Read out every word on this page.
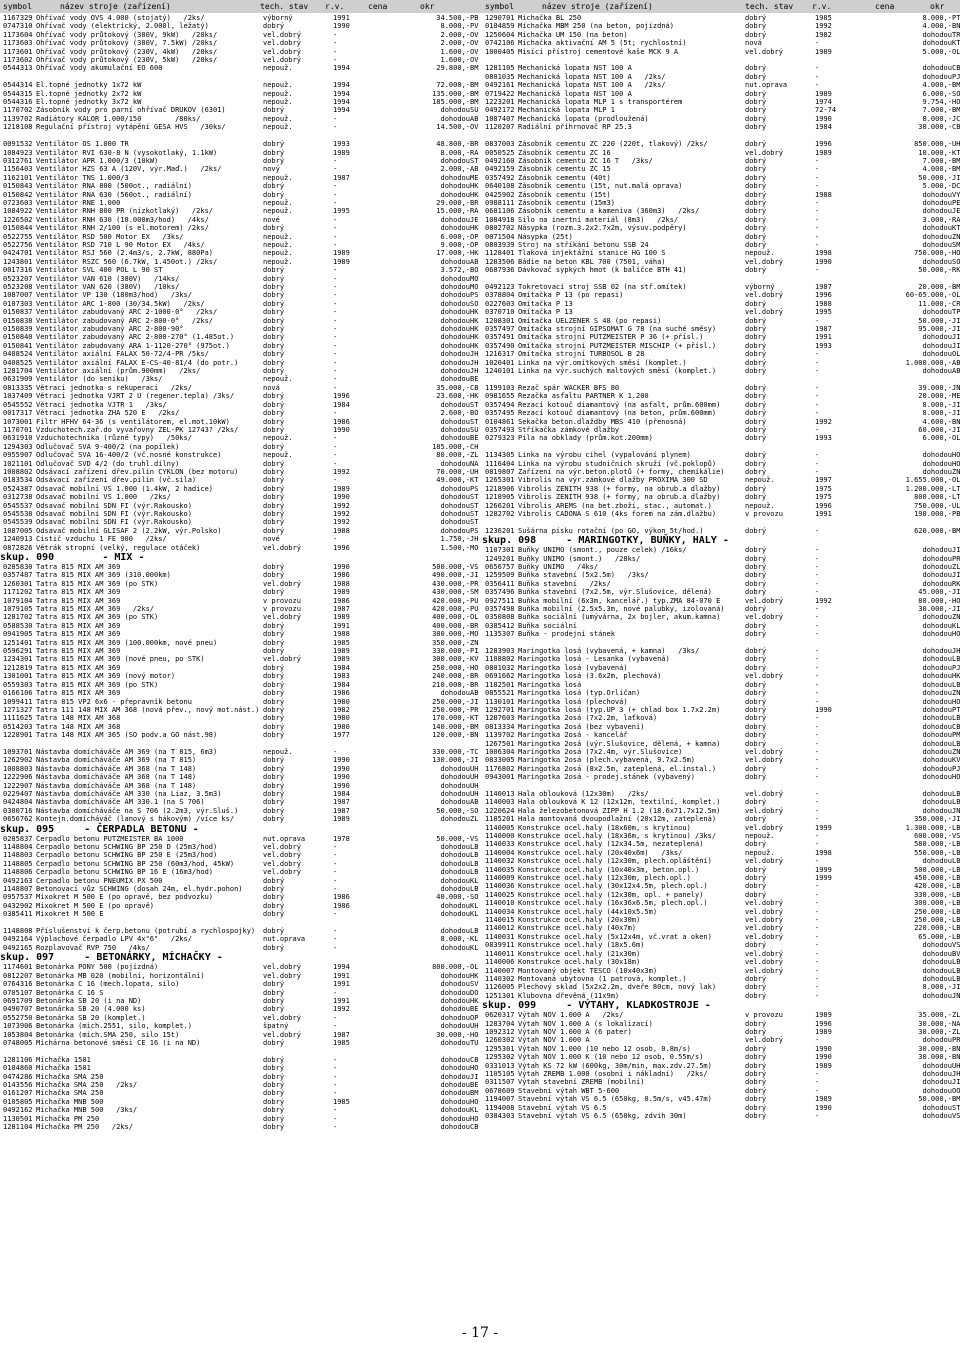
symbol	název stroje (zařízení)	tech. stav r.v.	cena	okr	symbol	název stroje (zařízení)	tech. stav r.v.	cena	okr
1167329 Ohřívač vody OVS 4.000 (stojatý)   /2ks/	výborný	1991	34.500,- PB
0747310 Ohřívač vody (elektrický, 2.000l, ležatý)	dobrý	1990	8.000,- PV
1173604 Ohřívač vody průtokový (380V, 9kW)   /20ks/	vel.dobrý	-	2.000,- OV
1173603 Ohřívač vody průtokový (380V, 7.5kW) /20ks/	vel.dobrý	-	2.000,- OV
1173601 Ohřívač vody průtokový (230V, 4kW)   /20ks/	vel.dobrý	-	1.600,- OV
1173602 Ohřívač vody průtokový (230V, 5kW)   /20ks/	vel.dobrý	-	1.600,- OV
0544313 Ohřívač vody akumulační EO 600	nepouž.	1994	29.800,- BM
0544314 El.topné jednotky 1x72 kW	nepouž.	1994	72.000,- BM
0544315 El.topné jednotky 2x72 kW	nepouž.	1994	135.000,- BM
0544316 El.topné jednotky 3x72 kW	nepouž.	1994	185.000,- BM
1170702 Zásobník vody pro parní ohřívač DRUKOV (6301)	dobrý	1994	dohodou SU
1139702 Radiátory KALOR 1.000/150        /80ks/	nepouž.	-	dohodou AB
1218108 Regulační přístroj vytápění GESA HVS   /30ks/	nepouž.	-	14.500,- OV
0091532 Ventilátor OS 1.000 TR	dobrý	1993	48.800,- BR
1084923 Ventilátor RVI 630-8 N (vysokotlaký, 1.1kW)	dobrý	1989	8.000,- RA
0312761 Ventilátor APR 1.000/3 (10kW)	dobrý	-	dohodou ST
1156403 Ventilátor HZS 63 A (120V, výr.Maď.)   /2ks/	nový	-	2.000,- AB
1162101 Ventilátor TNS 1.000/3	nepouž.	1987	dohodou ME
0150843 Ventilátor RNA 800 (500ot., radiální)	dobrý	-	dohodou HK
0150842 Ventilátor RNA 630 (560ot., radiální)	dobrý	-	dohodou HK
0723603 Ventilátor RNE 1.000	nepouž.	-	29.000,- BR
1084922 Ventilátor RNH 800 PR (nízkotlaký)   /2ks/	nepouž.	1995	15.000,- RA
1226502 Ventilátor RNH 630 (18.000m3/hod)   /4ks/	nové	-	dohodou JE
0150844 Ventilátor RNH 2/100 (s el.motorem) /2ks/	dobrý	-	dohodou HK
0522755 Ventilátor RSD 500 Motor EX   /3ks/	nepouž.	-	6.000,- OP
0522756 Ventilátor RSD 710 L 90 Motor EX   /4ks/	nepouž.	-	9.000,- OP
0424701 Ventilátor RSJ 560 (2.4m3/s, 2.7kW, 880Pa)	nepouž.	1989	17.000,- HK
1243801 Ventilátor RSZC 560 (6.7kW, 1.450ot.) /2ks/	nepouž.	1989	dohodou AB
0017316 Ventilátor SVL 400 POL L 90 ST	dobrý	-	3.572,- BO
0523207 Ventilátor VAN 610 (380V)   /14ks/	dobrý	-	dohodou MO
0523208 Ventilátor VAN 620 (380V)   /10ks/	dobrý	-	dohodou MO
1087007 Ventilátor VP 130 (180m3/hod)   /3ks/	dobrý	-	dohodou PS
0107303 Ventilátor ARC 1-800 (30/34.5kW)   /2ks/	dobrý	-	dohodou SO
0150837 Ventilátor zabudovaný ARC 2-1000-0°   /2ks/	dobrý	-	dohodou HK
0150838 Ventilátor zabudovaný ARC 2-800-0°   /2ks/	dobrý	-	dohodou HK
0150839 Ventilátor zabudovaný ARC 2-800-90°	dobrý	-	dohodou HK
0150840 Ventilátor zabudovaný ARC 2-800-270° (1.485ot.)	dobrý	-	dohodou HK
0150841 Ventilátor zabudovaný ARA 1-1120-270° (975ot.)	dobrý	-	dohodou HK
0408524 Ventilátor axiální FALAX 50-72/4-PR /5ks/	dobrý	-	dohodou JH
0408525 Ventilátor axiální FALAX E-CS-40-81/4 (do potr.)	dobrý	-	dohodou JH
1281704 Ventilátor axiální (prům.900mm)   /2ks/	dobrý	-	dohodou JH
0631909 Ventilátor (do seníku)   /3ks/	nepouž.	-	dohodou BE
0813335 Větrací jednotka s rekuperací   /2ks/	nová	-	35.000,- CB
1037409 Větrací jednotka VJRT 2 U (regener.tepla) /3ks/	dobrý	1996	23.600,- HK
0545552 Větrací jednotka VJTR 1   /3ks/	dobrý	1984	dohodou ST
0017317 Větrací jednotka ZHA 520 E   /2ks/	dobrý	-	2.600,- BO
1073001 Filtr HFHV 64-36 (s ventilátorem, el.mot.10kW)	dobrý	1986	dohodou ST
1170701 Vzduchotech.zař.do vyvařovny ZEL-PK 12743? /2ks/	dobrý	1990	dohodou SU
0631910 Vzduchotechnika (různé typy)   /50ks/	nepouž.	-	dohodou BE
1294303 Odlučovač SVA 9-400/2 (na popílek)	dobrý	-	185.000,- CH
0955907 Odlučovač SVA 16-400/2 (vč.nosné konstrukce)	nepouž.	-	80.000,- ZL
1021101 Odlučovač SVD 4/2 (do truhl.dílny)	dobrý	-	dohodou NA
1008802 Odsávací zařízení dřev.pilin CYKLON (bez motoru)	dobrý	1992	70.000,- UH
0183534 Odsávací zařízení dřev.pilin (vč.sila)	dobrý	-	49.000,- KT
0524387 Odsavač mobilní VS 1.000 (1.4kW, 2 hadice)	dobrý	1989	dohodou PS
0312738 Odsavač mobilní VS 1.000   /2ks/	dobrý	1990	dohodou ST
0545537 Odsavač mobilní SDN FI (výr.Rakousko)	dobrý	1992	dohodou ST
0545538 Odsavač mobilní SDN FI (výr.Rakousko)	dobrý	1992	dohodou ST
0545539 Odsavač mobilní SDN FI (výr.Rakousko)	dobrý	1992	dohodou ST
1087005 Odsavač mobilní GLISAF 2 (2.2kW, výr.Polsko)	dobrý	1988	dohodou PS
1240913 Čistič vzduchu 1 FE 900   /2ks/	nové	-	1.750,- JH
0872826 Větrák stropní (velký, regulace otáček)	vel.dobrý	1996	1.500,- MO
skup. 090        - MIX -
0285830 Tatra 815 MIX AM 369	dobrý	1990	500.000,- VS
0357487 Tatra 815 MIX AM 369 (310.000km)	dobrý	1986	490.000,- JI
1260301 Tatra 815 MIX AM 369 (po STK)	vel.dobrý	1988	430.000,- PR
1171202 Tatra 815 MIX AM 369	dobrý	1989	430.000,- SM
1079104 Tatra 815 MIX AM 369	v provozu	1986	420.000,- PU
1079105 Tatra 815 MIX AM 369   /2ks/	v provozu	1987	420.000,- PU
1281702 Tatra 815 MIX AM 369 (po STK)	vel.dobrý	1989	400.000,- OL
0588530 Tatra 815 MIX AM 369	dobrý	1991	400.000,- BR
0941905 Tatra 815 MIX AM 369	dobrý	1988	380.000,- MO
1251401 Tatra 815 MIX AM 369 (100.000km, nové pneu)	dobrý	1985	350.000,- ZN
0596291 Tatra 815 MIX AM 369	dobrý	1989	330.000,- PI
1234301 Tatra 815 MIX AM 369 (nové pneu, po STK)	vel.dobrý	1989	300.000,- KV
1212819 Tatra 815 MIX AM 369	dobrý	1984	250.000,- HO
1301001 Tatra 815 MIX AM 369 (nový motor)	dobrý	1983	240.000,- BR
0559303 Tatra 815 MIX AM 369 (po STK)	dobrý	1984	210.000,- BR
0166106 Tatra 815 MIX AM 369	dobrý	1986	dohodou AB
1099411 Tatra 815 VP2 6x6 - přepravník betonu	dobrý	1980	250.000,- JI
1271327 Tatra 111 148 MIX AM 368 (nová přev., nový mot.nást.) dobrý	1982	250.000,- PR
1111625 Tatra 148 MIX AM 368	dobrý	1980	170.000,- KT
0514203 Tatra 148 MIX AM 368	dobrý	1980	140.000,- BM
1228901 Tatra 148 MIX AM 365 (SO podv.a GO nást.98)	dobrý	1977	120.000,- BN
1093701 Nástavba domícháváče AM 369 (na T 815, 6m3)	nepouž.	-	330.000,- TC
1262902 Nástavba domícháváče AM 369 (na T 815)	dobrý	1990	130.000,- JI
1008803 Nástavba domícháváče AM 368 (na T 148)	dobrý	1990	dohodou UH
1222906 Nástavba domícháváče AM 368 (na T 148)	dobrý	1990	dohodou UH
1222907 Nástavba domícháváče AM 368 (na T 148)	dobrý	1990	dohodou UH
0229407 Nástavba domícháváče AM 330 (na Liaz, 3.5m3)	dobrý	1984	dohodou UH
0424804 Nástavba domícháváče AM 330.1 (na Š 706)	dobrý	1987	dohodou AB
0300716 Nástavba domícháváče na Š 706 (2.2m3, výr.Sluš.)	dobrý	1987	50.000,- SO
0656762 Kontejn.domícháváč (lanový s hákovým) /více ks/	dobrý	1989	dohodou ZL
skup. 095     - ČERPADLA BETONU -
0285837 Čerpadlo betonu PUTZMEISTER BA 1000	nut.oprava	1978	50.000,- VS
1148804 Čerpadlo betonu SCHWING BP 250 D (25m3/hod)	vel.dobrý	-	dohodou LB
1148803 Čerpadlo betonu SCHWING BP 250 E (25m3/hod)	vel.dobrý	-	dohodou LB
1148805 Čerpadlo betonu SCHWING BP 250 (60m3/hod, 45kW)	vel.dobrý	-	dohodou LB
1148806 Čerpadlo betonu SCHWING BP 16 E (16m3/hod)	vel.dobrý	-	dohodou LB
0492163 Čerpadlo betonu PNEUMIX PX 500	dobrý	-	dohodou KL
1148807 Betonovací vůz SCHWING (dosah 24m, el.hydr.pohon)	dobrý	-	dohodou LB
0957537 Mixokret M 500 E (po opravě, bez podvozku)	dobrý	1986	40.000,- SO
0432902 Mixokret M 500 E (po opravě)	dobrý	1986	dohodou KL
0385411 Mixokret M 500 E	dobrý	-	dohodou KL
1148808 Příslušenství k čerp.betonu (potrubí a rychlospojky)	dobrý	-	dohodou LB
0492164 Výplachové čerpadlo LPV 4x"6"   /2ks/	nut.oprava	-	8.000,- KL
0492165 Rozplavovač RVP 750   /4ks/	dobrý	-	dohodou KL
skup. 097     - BETONÁRKY, MÍCHAČKY -
1174601 Betonárka PONY 500 (pojízdná)	vel.dobrý	1994	800.000,- OL
0812207 Betonárka MB 020 (mobilní, horizontální)	vel.dobrý	1991	dohodou HK
0764316 Betonárka C 16 (mech.lopata, silo)	dobrý	1991	dohodou SV
0705107 Betonárka C 16 S	dobrý	-	dohodou DO
0691709 Betonárka SB 20 (i na ND)	dobrý	1991	dohodou HK
0490707 Betonárka SB 20 (4.000 ks)	dobrý	1992	dohodou BE
0552750 Betonárka SB 20 (komplet.)	vel.dobrý	-	dohodou OP
1073906 Betonárka (mich.2551, silo, komplet.)	špatný	-	dohodou UH
1053804 Betonárka (mich.SMA 250, silo 15t)	vel.dobrý	1987	30.000,- HO
0748005 Míchárna betonové směsi CE 16 (i na ND)	dobrý	1985	dohodou TU
1281106 Míchačka 1501	dobrý	-	dohodou CB
0104860 Míchačka 1501	dobrý	-	dohodou HO
0474286 Míchačka SMA 250	dobrý	-	dohodou JI
0143556 Míchačka SMA 250   /2ks/	dobrý	-	dohodou BE
0161207 Míchačka SMA 250	dobrý	-	dohodou BM
0105805 Míchačka MNB 500	dobrý	1985	dohodou HO
0492162 Míchačka MNB 500   /3ks/	dobrý	-	dohodou KL
1130501 Míchačka PM 250	dobrý	-	dohodou HO
1281104 Míchačka PM 250   /2ks/	dobrý	-	dohodou CB
1290701 Míchačka BL 250	dobrý	1985	8.000,- PT
0104859 Míchačka MBM 250 (na beton, pojízdná)	dobrý	1992	4.000,- BN
1250604 Míchačka UM 150 (na beton)	dobrý	1982	dohodou TR
0742106 Míchačka aktivační AM 5 (5t; rychlostní)	nová	-	dohodou KT
1000405 Mísící přístroj cementové kaše MCK 9 A	vel.dobrý	1989	5.000,- OL
1281105 Mechanická lopata NST 100 A	dobrý	-	dohodou CB
0801035 Mechanická lopata NST 100 A   /2ks/	dobrý	-	dohodou PJ
0492161 Mechanická lopata NST 100 A   /2ks/	nut.oprava	-	4.000,- BM
0719422 Mechanická lopata NST 100 A	dobrý	1989	6.000,- SO
1223201 Mechanická lopata MLP 1 s transportérem	dobrý	1974	9.754,- HO
0492172 Mechanická lopata MLP 1	dobrý	72-74	7.000,- BM
1087407 Mechanická lopata (prodloužená)	dobrý	1990	8.000,- JC
1120207 Radiální přihrnovač RP 25.3	dobrý	1984	30.000,- CB
0837003 Zásobník cementu ZC 220 (220t, tlakový) /2ks/	dobrý	1996	850.000,- UH
0050525 Zásobník cementu ZC 16	vel.dobrý	1989	10.000,- KT
0492160 Zásobník cementu ZC 16 T   /3ks/	dobrý	-	7.000,- BM
0492159 Zásobník cementu ZC 15	dobrý	-	4.000,- BM
0357492 Zásobník cementu (40t)	dobrý	-	50.000,- JI
0640108 Zásobník cementu (15t, nut.malá oprava)	dobrý	-	5.000,- DC
0425902 Zásobník cementu (15t)	dobrý	1988	dohodou VY
0988111 Zásobník cementu (15m3)	dobrý	-	dohodou PE
0601106 Zásobník cementu a kameniva (360m3)   /2ks/	dobrý	-	dohodou JE
1084918 Silo na inertní materiál (8m3)   /2ks/	dobrý	-	3.000,- RA
0802702 Násypka (rozm.3.2x2.7x2m, výsuv.podpěry)	dobrý	-	dohodou KT
0071504 Násypka (25t)	dobrý	-	dohodou ZN
0803939 Stroj na stříkání betonu SSB 24	dobrý	-	dohodou SM
1128401 Tlaková injektážní stanice HG 100 S	nepouž.	1998	750.000,- HO
1283506 Bádie na beton KBL 700 (7501, váha)	vel.dobrý	1990	dohodou SO
0687936 Dávkovač sypkých hmot (k balíčce BTH 41)	dobrý	-	50.000,- RK
0492123 Tokretovací stroj SSB 02 (na stř.omítek)	výborný	1987	20.000,- BM
0378804 Omítačka P 13 (po repasi)	vel.dobrý	1996	60-65.000,- OL
0227603 Omítačka P 13	dobrý	1988	11.000,- CR
0370710 Omítačka P 13	vel.dobrý	1995	dohodou TP
1208301 Omítačka UELZENER S 48 (po repasi)	dobrý	-	50.000,- JI
0357497 Omítačka strojní GIPSOMAT G 78 (na suché směsy)	dobrý	1987	95.000,- JI
0357491 Omítačka strojní PUTZMEISTER P 36 (+ přísl.)	dobrý	1991	dohodou JI
0357490 Omítačka strojní PUTZMEISTER MISCHIP (+ přísl.)	dobrý	1993	dohodou JI
1216317 Omítačka strojní TURBOSOL B 28	dobrý	-	dohodou OL
1020401 Linka na výr.omítkových směsí (komplet.)	dobrý	-	1.000.000,- AB
1240101 Linka na výr.suchých maltových směsí (komplet.)	dobrý	-	dohodou AB
1199103 Řezač spár WACKER BFS 80	dobrý	-	39.000,- JN
0981655 Řezačka asfaltu PARTNER K 1.200	dobrý	-	20.000,- ME
0357494 Řezací kotouč diamantový (na asfalt, prům.600mm)	dobrý	-	8.000,- JI
0357495 Řezací kotouč diamantový (na beton, prům.600mm)	dobrý	-	8.000,- JI
0104861 Sekačka beton.dlaždby MBS 410 (přenosná)	dobrý	1992	4.600,- BN
0357493 Stříkačka zámkové dlažby	dobrý	-	60.000,- JI
0279323 Pila na obklady (prům.kot.200mm)	dobrý	1993	6.000,- OL
1134305 Linka na výrobu cihel (vypalování plynem)	dobrý	-	dohodou HO
1116404 Linka na výrobu studničních skruží (vč.poklopů)	dobrý	-	dohodou HO
0819807 Zařízení na výr.beton.plotů (+ formy, chemikálie)	dobrý	-	dohodou ZN
1265301 Vibrolis na výr.zámkové dlažby PROXIMA 300 SD	nepouž.	1997	1.655.000,- OL
1218906 Vibrolis ZENITH 938 (+ formy, na obrub.a dlažby)	dobrý	1975	1.200.000,- LT
1218905 Vibrolis ZENITH 938 (+ formy, na obrub.a dlažby)	dobrý	1975	800.000,- LT
1266201 Vibrolis AREMS (na bet.zboží, stac., automat.)	nepouž.	1996	750.000,- UL
1282702 Vibrolis CADONA S 610 (4ks forem na zám.dlažbu)	v provozu	1991	190.000,- PB
1236201 Sušárna písku rotační (po GO, výkon 5t/hod.)	dobrý	-	620.000,- BM
skup. 098     - MARINGOTKY, BUŇKY, HALY -
1107301 Buňky UNIMO (smont., pouze celek) /16ks/	dobrý	-	dohodou JI
1249201 Buňky UNIMO (smont.)   /28ks/	dobrý	-	dohodou PR
0656757 Buňky UNIMO   /4ks/	dobrý	-	dohodou ZL
1259509 Buňka stavební (5x2.5m)   /3ks/	dobrý	-	dohodou JI
0356411 Buňka stavební   /2ks/	dobrý	-	dohodou RK
0357496 Buňka stavební (7x2.5m, výr.Slušovice, dělená)	dobrý	-	45.000,- JI
0927511 Buňka mobilní (6x3m, kancelář.) typ.ZMA 84-070 E	vel.dobrý	1992	80.000,- HO
0357498 Buňka mobilní (2.5x5.3m, nové palubky, izolovaná)	dobrý	-	30.000,- JI
0350808 Buňka sociální (umývárna, 2x bojler, akum.kamna)	vel.dobrý	-	dohodou ZN
0385412 Buňka sociální	dobrý	-	dohodou KL
1135307 Buňka - prodejní stánek	dobrý	-	dohodou HO
1283903 Maringotka losá (vybavená, + kamna)   /3ks/	dobrý	-	dohodou JH
1108802 Maringotka losá - Lesanka (vybavená)	dobrý	-	dohodou LB
0801032 Maringotka losá (vybavená)	dobrý	-	dohodou PJ
0691662 Maringotka losá (3.6x2m, plechová)	vel.dobrý	-	dohodou HK
1182501 Maringotka losá	dobrý	-	dohodou LB
0855521 Maringotka losá (typ.Orličan)	dobrý	-	dohodou ZN
1130101 Maringotka losá (plechová)	dobrý	-	dohodou HO
1292701 Maringotka losá (typ.UP 3 (+ chlad box 1.7x2.2m)	dobrý	1990	dohodou PT
1287603 Maringotka 2osá (7x2.2m, laťková)	dobrý	-	dohodou LB
0813334 Maringotka 2osá (bez vybavení)	dobrý	-	dohodou CB
1139702 Maringotka 2osá - kancelář	dobrý	-	dohodou PM
1267501 Maringotka 2osá (výr.Slušovice, dělená, + kamna)	dobrý	-	dohodou LB
1006304 Maringotka 2osá (7x2.4m, výr.Slušovice)	vel.dobrý	-	dohodou ZN
0833005 Maringotka 2osá (plech.vybavená, 9.7x2.5m)	vel.dobrý	-	dohodou KV
1176802 Maringotka 2osá (8x2.5m, zateplená, el.instal.)	dobrý	-	dohodou PJ
0943001 Maringotka 2osá - prodej.stánek (vybavený)	dobrý	-	dohodou HO
1140013 Hala oblouková (12x30m)   /2ks/	vel.dobrý	-	dohodou LB
1140003 Hala oblouková K 12 (12x12m, textilní, komplet.)	dobrý	-	dohodou LB
1220624 Hala železobetonová ZIPP H 1.2 (18.6x71.7x12.5m)	vel.dobrý	-	dohodou JN
1185201 Hala montovaná dvoupodlažní (20x12m, zateplená)	dobrý	-	350.000,- JI
1140005 Konstrukce ocel.haly (18x60m, s krytinou)	vel.dobrý	1999	1.300.000,- LB
1140000 Konstrukce ocel.haly (18x36m, s krytinou) /3ks/	nepouž.	-	600.000,- VS
1140033 Konstrukce ocel.haly (12x34.5m, nezateplená)	dobrý	-	580.000,- LB
1140004 Konstrukce ocel.haly (20x40x6m)   /3ks/	nepouž.	1998	550.000,- LB
1140032 Konstrukce ocel.haly (12x30m, plech.opláštění)	vel.dobrý	-	dohodou LB
1140035 Konstrukce ocel.haly (10x40x3m, beton.opl.)	dobrý	1999	500.000,- LB
1140009 Konstrukce ocel.haly (12x30m, plech.opl.)	dobrý	1999	450.000,- LB
1140036 Konstrukce ocel.haly (30x12x4.5m, plech.opl.)	dobrý	-	420.000,- LB
1140025 Konstrukce ocel.haly (12x30m, opl. + panely)	dobrý	-	330.000,- LB
1140010 Konstrukce ocel.haly (16x36x6.5m, plech.opl.)	vel.dobrý	-	300.000,- LB
1140034 Konstrukce ocel.haly (44x10x5.5m)	vel.dobrý	-	250.000,- LB
1140015 Konstrukce ocel.haly (20x30m)	vel.dobrý	-	250.000,- LB
1140012 Konstrukce ocel.haly (40x7m)	vel.dobrý	-	220.000,- LB
1140031 Konstrukce ocel.haly (5x12x4m, vč.vrat a oken)	vel.dobrý	-	65.000,- LB
0839911 Konstrukce ocel.haly (18x5.6m)	dobrý	-	dohodou VS
1140011 Konstrukce ocel.haly (21x30m)	vel.dobrý	-	dohodou BV
1140006 Konstrukce ocel.haly (30x18m)	vel.dobrý	-	dohodou LB
1140007 Montovaný objekt TESCO (10x40x3m)	vel.dobrý	-	dohodou LB
1140302 Montovaná ubytovna (1 patrová, komplet.)	dobrý	-	dohodou LB
1126005 Plechový sklad (5x2x2.2m, dveře 80cm, nový lak)	dobrý	-	8.000,- JI
1251301 Klubovna dřevěná (11x9m)	dobrý	-	dohodou JN
skup. 099     - VÝTAHY, KLADKOSTROJE -
0620317 Výtah NOV 1.000 A   /2ks/	v provozu	1989	35.000,- ZL
1283704 Výtah NOV 1.000 A (s lokalizací)	dobrý	1996	30.000,- NA
1092312 Výtah NOV 1.000 A (6 pater)	dobrý	1989	30.000,- ZL
1260302 Výtah NOV 1.000 A	vel.dobrý	-	dohodou PR
1295301 Výtah NOV 1.000 (10 nebo 12 osob, 0.8m/s)	dobrý	1990	30.000,- BN
1295302 Výtah NOV 1.000 K (10 nebo 12 osob, 0.55m/s)	dobrý	1990	30.000,- BN
0331013 Výtah KS 72 kW (600kg, 30m/min, max.zdv.27.5m)	dobrý	1989	dohodou UH
1105105 Výtah ZREMB 1.000 (osobní i nákladní)   /2ks/	dobrý	-	dohodou JH
0311507 Výtah stavební ZREMB (mobilní)	dobrý	-	dohodou JI
0678609 Stavební výtah WBT 5-600	dobrý	-	dohodou OO
1194007 Stavební výtah VS 6.5 (650kg, 0.5m/s, v45.47m)	dobrý	1989	50.000,- BM
1194008 Stavební výtah VS 6.5	dobrý	1990	dohodou ST
0384303 Stavební výtah VS 6.5 (650kg, zdvih 30m)	dobrý	-	dohodou VS
- 17 -
